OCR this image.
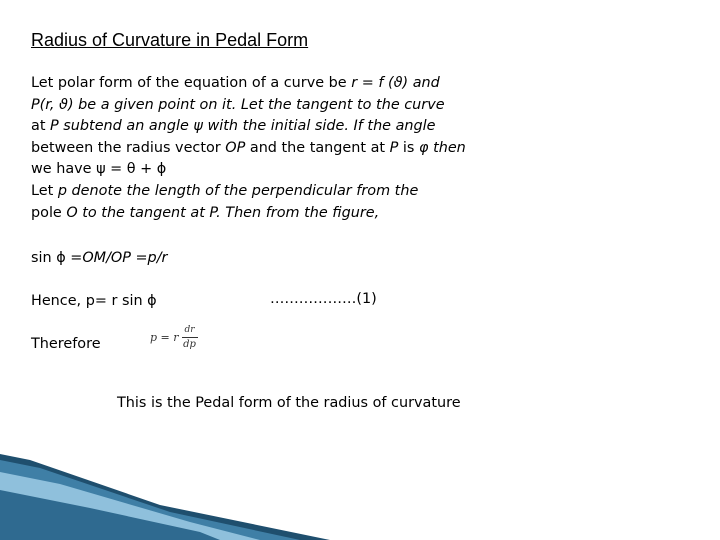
Radius of Curvature in Pedal Form
Let polar form of the equation of a curve be r = f (ϑ) and
P(r, ϑ) be a given point on it. Let the tangent to the curve
at P subtend an angle ψ with the initial side. If the angle
between the radius vector OP and the tangent at P is φ then
we have ψ = θ + ϕ
Let p denote the length of the perpendicular from the
pole O to the tangent at P. Then from the figure,
sin ϕ =OM/OP =p/r
Hence, p= r sin ϕ	………………(1)
Therefore	p = r $\frac{dr}{dp}$
This is the Pedal form of the radius of curvature
